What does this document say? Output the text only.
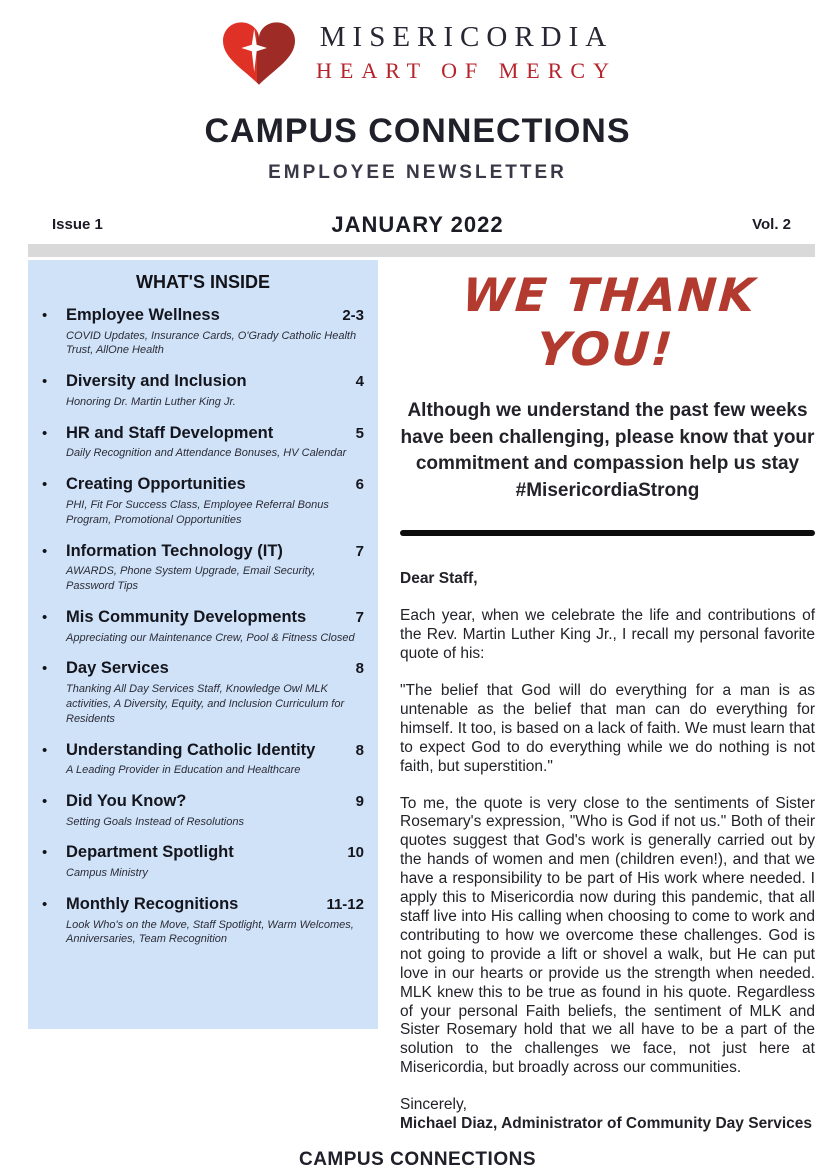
MISERICORDIA
HEART OF MERCY
CAMPUS CONNECTIONS
EMPLOYEE NEWSLETTER
Issue 1	JANUARY 2022	Vol. 2
WHAT'S INSIDE
•	Employee Wellness	2-3
COVID Updates, Insurance Cards, O'Grady Catholic Health Trust, AllOne Health
•	Diversity and Inclusion	4
Honoring Dr. Martin Luther King Jr.
•	HR and Staff Development	5
Daily Recognition and Attendance Bonuses, HV Calendar
•	Creating Opportunities	6
PHI, Fit For Success Class, Employee Referral Bonus Program, Promotional Opportunities
•	Information Technology (IT)	7
AWARDS, Phone System Upgrade, Email Security, Password Tips
•	Mis Community Developments	7
Appreciating our Maintenance Crew, Pool & Fitness Closed
•	Day Services	8
Thanking All Day Services Staff, Knowledge Owl MLK activities, A Diversity, Equity, and Inclusion Curriculum for Residents
•	Understanding Catholic Identity	8
A Leading Provider in Education and Healthcare
•	Did You Know?	9
Setting Goals Instead of Resolutions
•	Department Spotlight	10
Campus Ministry
•	Monthly Recognitions	11-12
Look Who's on the Move, Staff Spotlight, Warm Welcomes, Anniversaries, Team Recognition
WE THANK YOU!
Although we understand the past few weeks have been challenging, please know that your commitment and compassion help us stay #MisericordiaStrong

Dear Staff,

Each year, when we celebrate the life and contributions of the Rev. Martin Luther King Jr., I recall my personal favorite quote of his:

"The belief that God will do everything for a man is as untenable as the belief that man can do everything for himself. It too, is based on a lack of faith. We must learn that to expect God to do everything while we do nothing is not faith, but superstition."

To me, the quote is very close to the sentiments of Sister Rosemary's expression, "Who is God if not us." Both of their quotes suggest that God's work is generally carried out by the hands of women and men (children even!), and that we have a responsibility to be part of His work where needed. I apply this to Misericordia now during this pandemic, that all staff live into His calling when choosing to come to work and contributing to how we overcome these challenges. God is not going to provide a lift or shovel a walk, but He can put love in our hearts or provide us the strength when needed. MLK knew this to be true as found in his quote. Regardless of your personal Faith beliefs, the sentiment of MLK and Sister Rosemary hold that we all have to be a part of the solution to the challenges we face, not just here at Misericordia, but broadly across our communities.

Sincerely,

Michael Diaz, Administrator of Community Day Services

CAMPUS CONNECTIONS
